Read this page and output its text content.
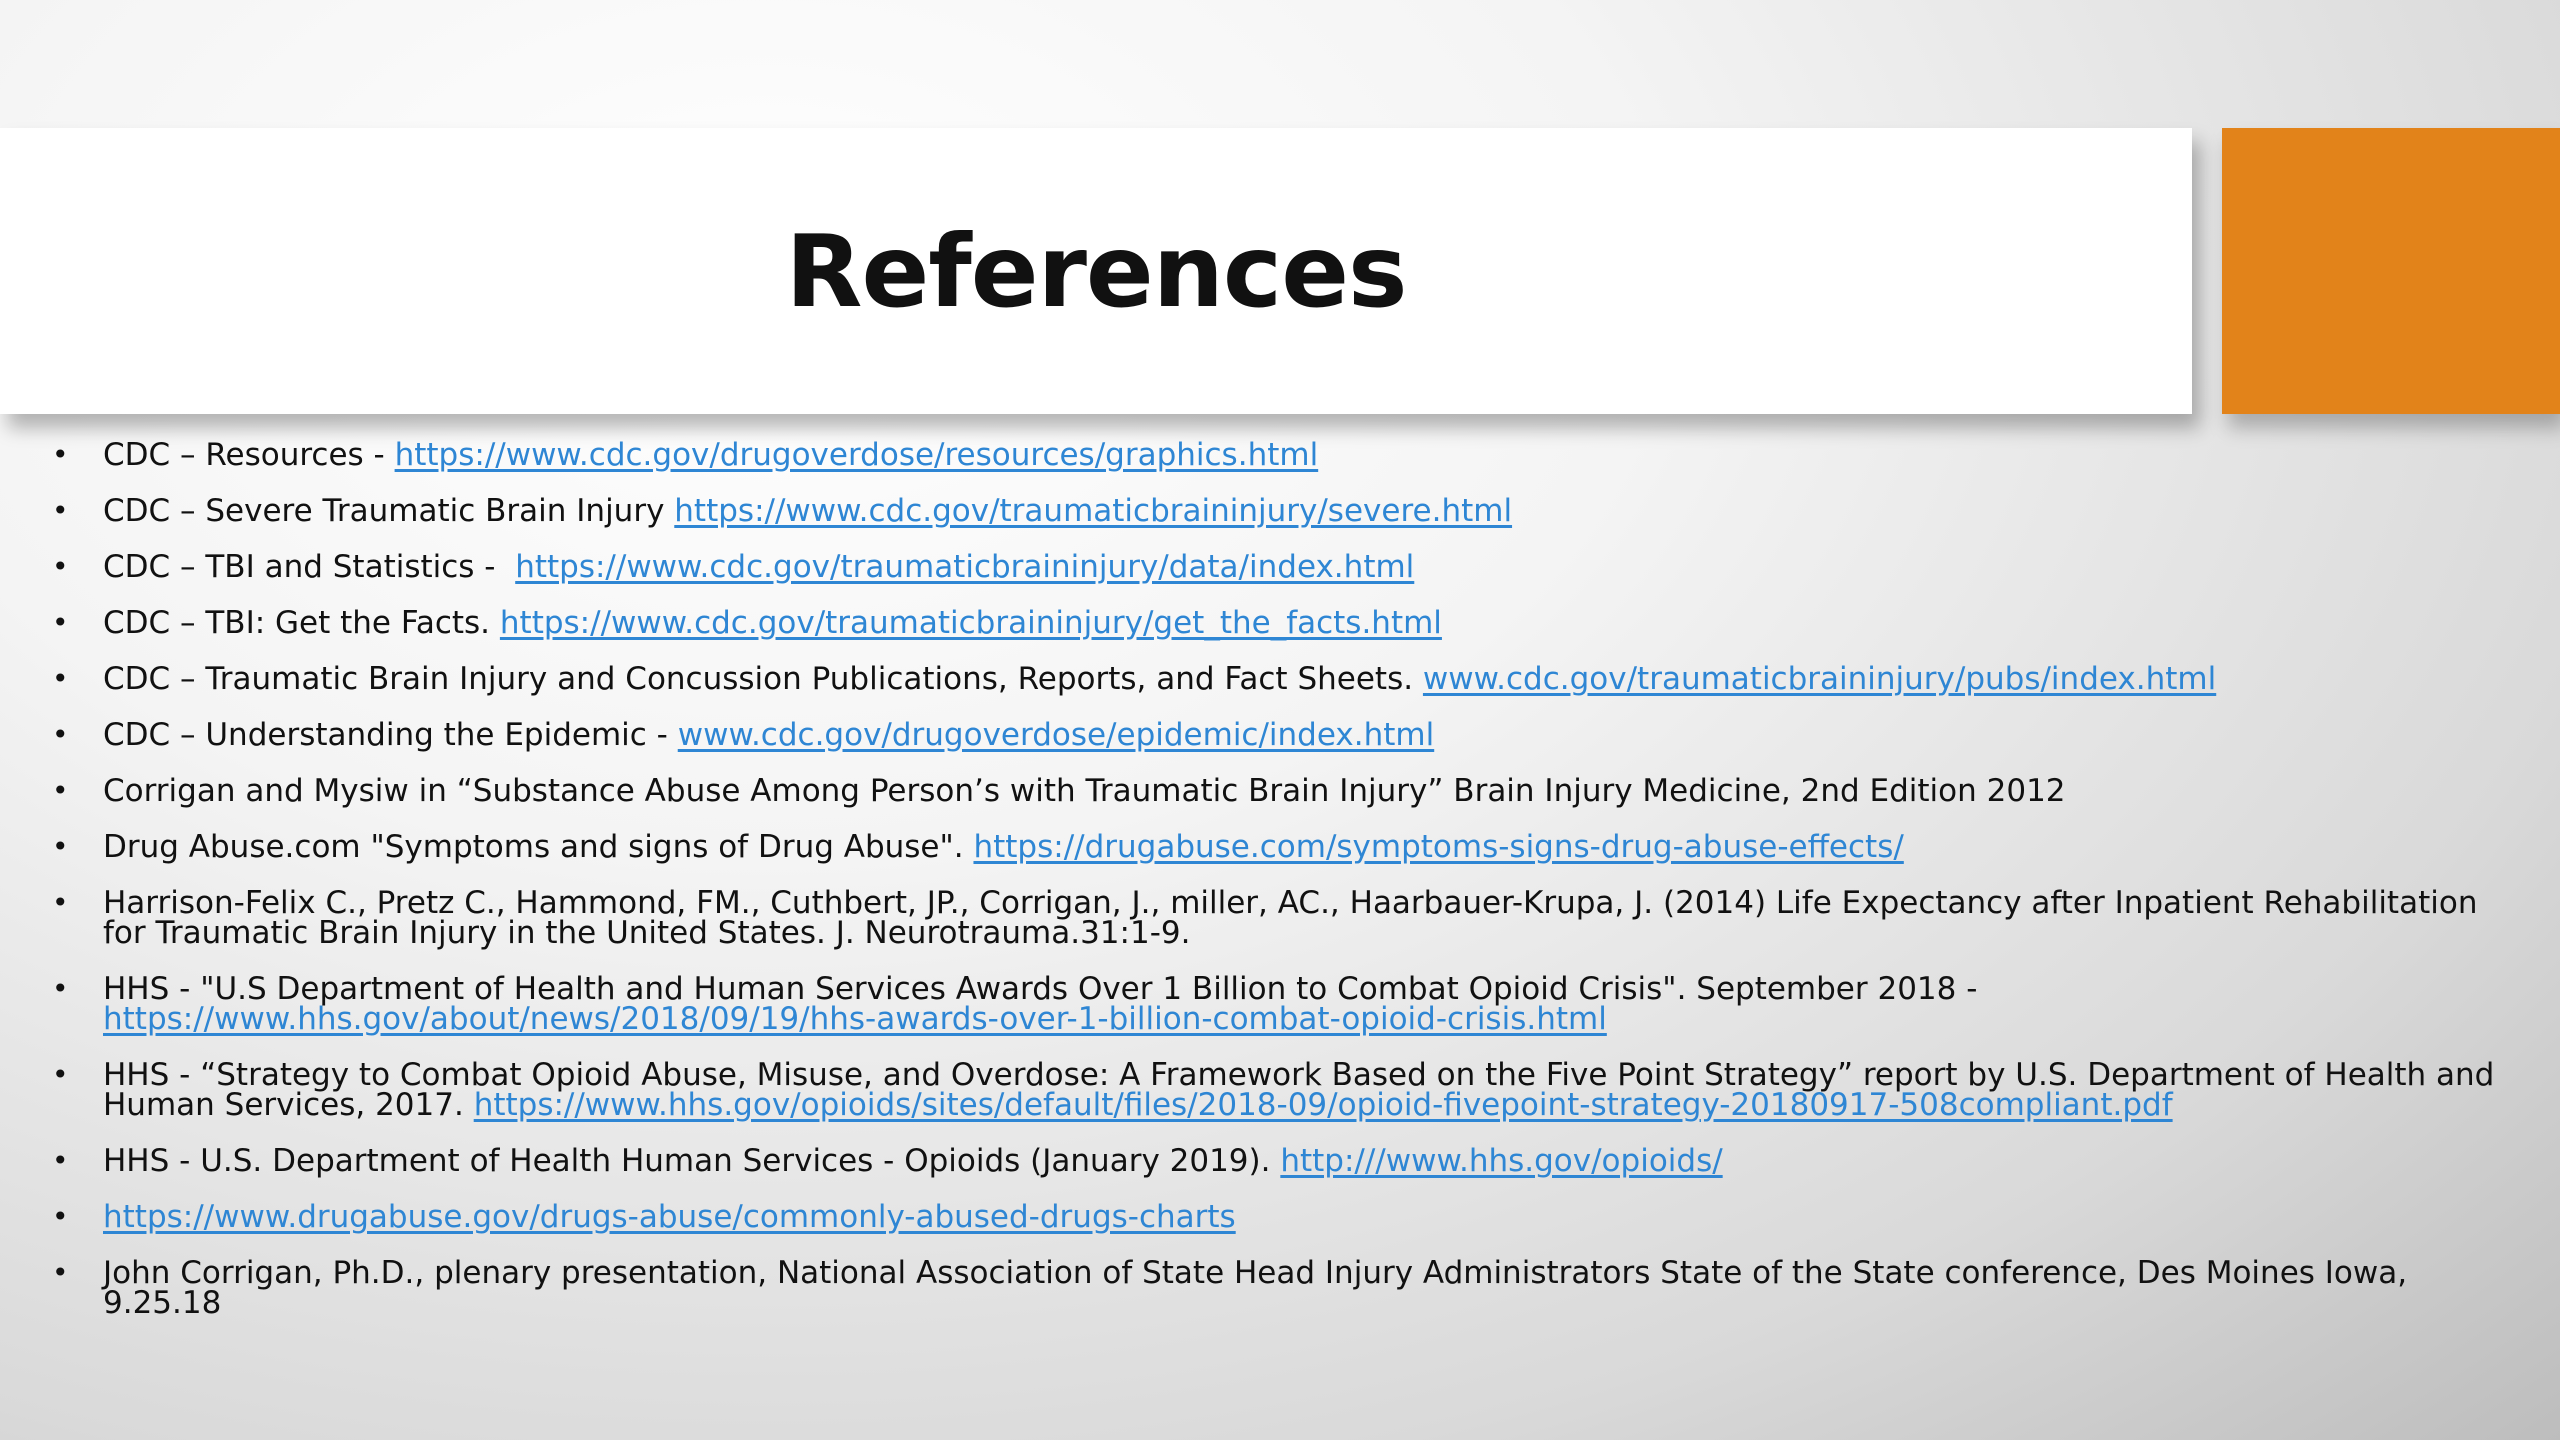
References
• CDC – Resources - https://www.cdc.gov/drugoverdose/resources/graphics.html
• CDC – Severe Traumatic Brain Injury https://www.cdc.gov/traumaticbraininjury/severe.html
• CDC – TBI and Statistics -  https://www.cdc.gov/traumaticbraininjury/data/index.html
• CDC – TBI: Get the Facts. https://www.cdc.gov/traumaticbraininjury/get_the_facts.html
• CDC – Traumatic Brain Injury and Concussion Publications, Reports, and Fact Sheets. www.cdc.gov/traumaticbraininjury/pubs/index.html
• CDC – Understanding the Epidemic - www.cdc.gov/drugoverdose/epidemic/index.html
• Corrigan and Mysiw in “Substance Abuse Among Person’s with Traumatic Brain Injury” Brain Injury Medicine, 2nd Edition 2012
• Drug Abuse.com "Symptoms and signs of Drug Abuse". https://drugabuse.com/symptoms-signs-drug-abuse-effects/
• Harrison-Felix C., Pretz C., Hammond, FM., Cuthbert, JP., Corrigan, J., miller, AC., Haarbauer-Krupa, J. (2014) Life Expectancy after Inpatient Rehabilitation for Traumatic Brain Injury in the United States. J. Neurotrauma.31:1-9.
• HHS - "U.S Department of Health and Human Services Awards Over 1 Billion to Combat Opioid Crisis". September 2018 - https://www.hhs.gov/about/news/2018/09/19/hhs-awards-over-1-billion-combat-opioid-crisis.html
• HHS - “Strategy to Combat Opioid Abuse, Misuse, and Overdose: A Framework Based on the Five Point Strategy” report by U.S. Department of Health and Human Services, 2017. https://www.hhs.gov/opioids/sites/default/files/2018-09/opioid-fivepoint-strategy-20180917-508compliant.pdf
• HHS - U.S. Department of Health Human Services - Opioids (January 2019). http:///www.hhs.gov/opioids/
• https://www.drugabuse.gov/drugs-abuse/commonly-abused-drugs-charts
• John Corrigan, Ph.D., plenary presentation, National Association of State Head Injury Administrators State of the State conference, Des Moines Iowa, 9.25.18
